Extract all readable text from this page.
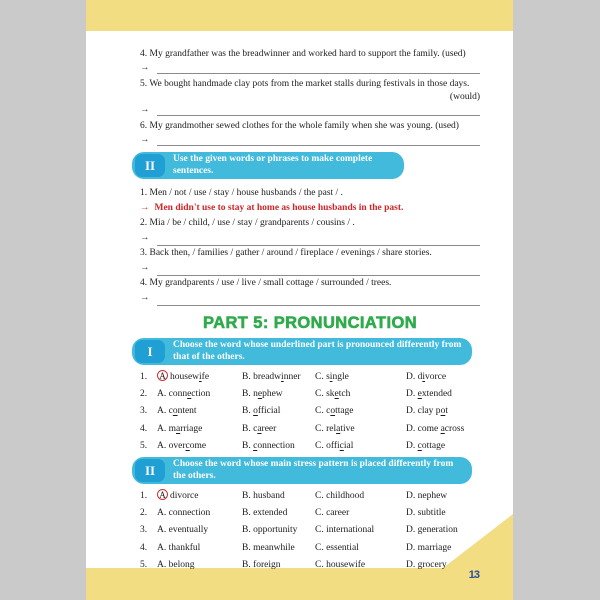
13
4. My grandfather was the breadwinner and worked hard to support the family. (used)
→
5. We bought handmade clay pots from the market stalls during festivals in those days.
(would)
→
6. My grandmother sewed clothes for the whole family when she was young. (used)
→
II	Use the given words or phrases to make complete sentences.
1. Men / not / use / stay / house husbands / the past / .
→ Men didn't use to stay at home as house husbands in the past.
2. Mia / be / child, / use / stay / grandparents / cousins / .
→
3. Back then, / families / gather / around / fireplace / evenings / share stories.
→
4. My grandparents / use / live / small cottage / surrounded / trees.
→
PART 5: PRONUNCIATION
I	Choose the word whose underlined part is pronounced differently from that of the others.
1.	A housewife	B. breadwinner	C. single	D. divorce
2.	A. connection	B. nephew	C. sketch	D. extended
3.	A. content	B. official	C. cottage	D. clay pot
4.	A. marriage	B. career	C. relative	D. come across
5.	A. overcome	B. connection	C. official	D. cottage
II	Choose the word whose main stress pattern is placed differently from the others.
1.	A divorce	B. husband	C. childhood	D. nephew
2.	A. connection	B. extended	C. career	D. subtitle
3.	A. eventually	B. opportunity	C. international	D. generation
4.	A. thankful	B. meanwhile	C. essential	D. marriage
5.	A. belong	B. foreign	C. housewife	D. grocery
